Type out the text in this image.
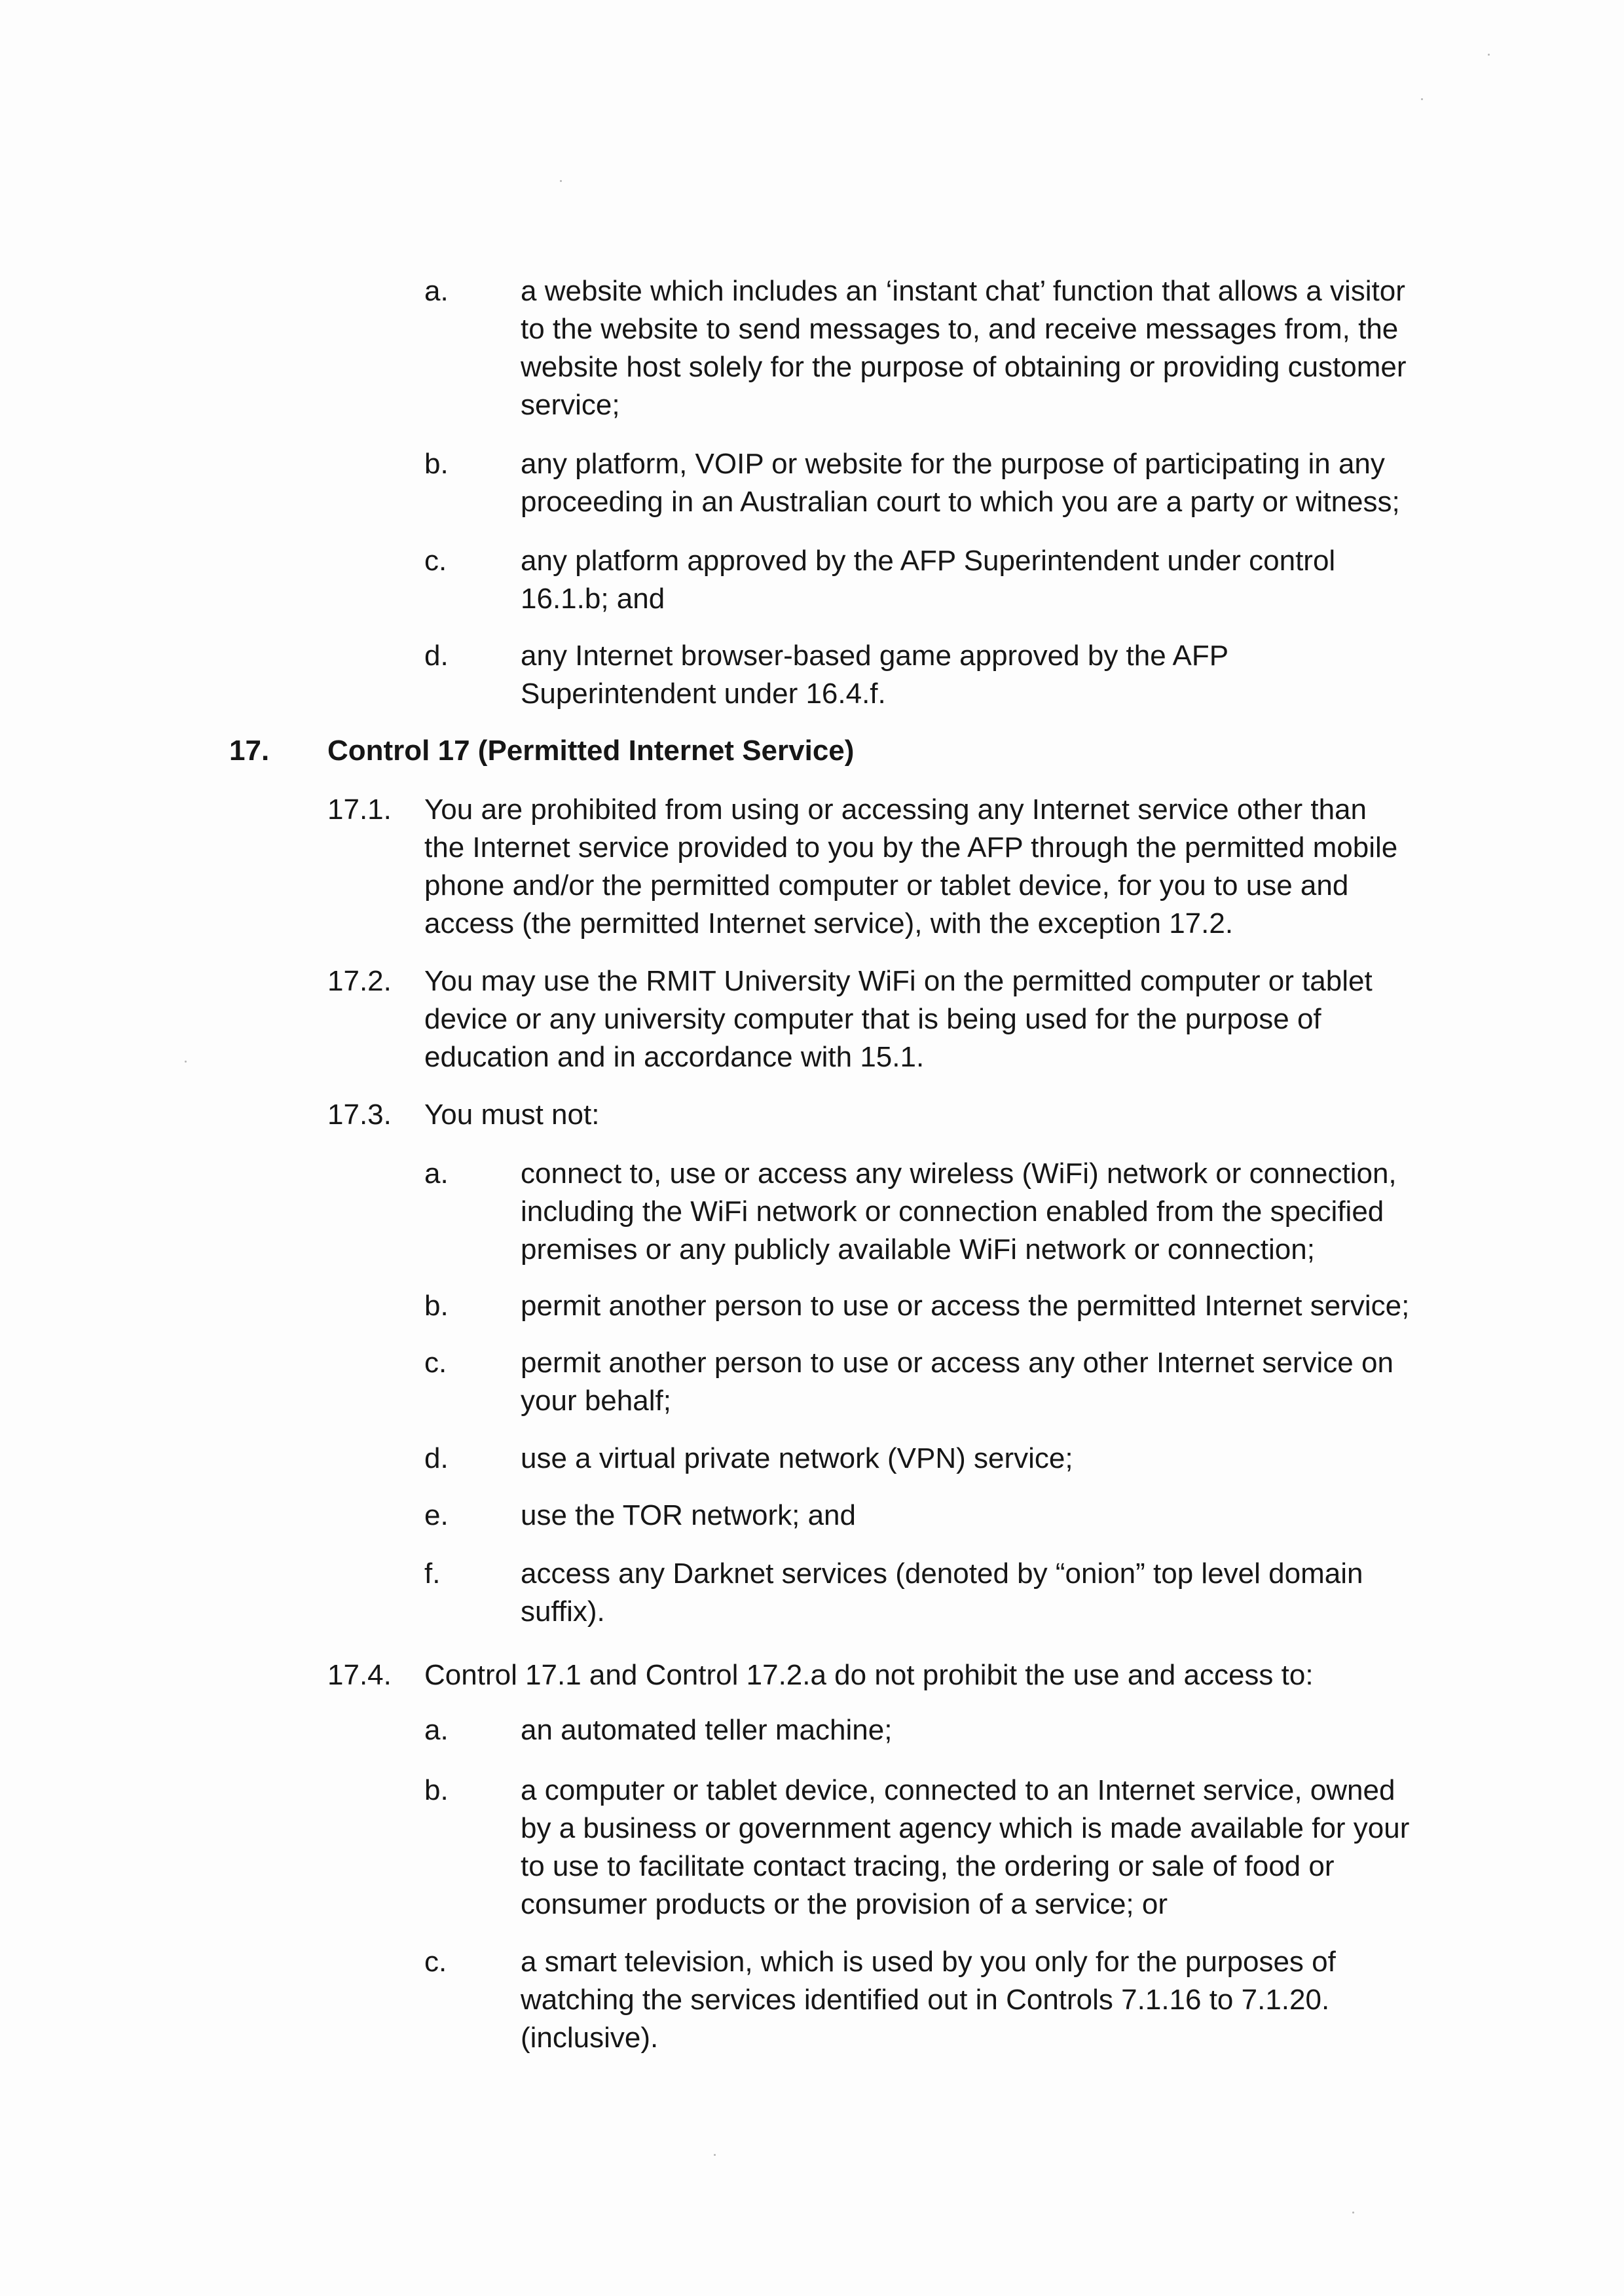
a.	a website which includes an ‘instant chat’ function that allows a visitor
to the website to send messages to, and receive messages from, the
website host solely for the purpose of obtaining or providing customer
service;
b.	any platform, VOIP or website for the purpose of participating in any
proceeding in an Australian court to which you are a party or witness;
c.	any platform approved by the AFP Superintendent under control
16.1.b; and
d.	any Internet browser-based game approved by the AFP
Superintendent under 16.4.f.
17. Control 17 (Permitted Internet Service)
17.1. You are prohibited from using or accessing any Internet service other than
the Internet service provided to you by the AFP through the permitted mobile
phone and/or the permitted computer or tablet device, for you to use and
access (the permitted Internet service), with the exception 17.2.
17.2. You may use the RMIT University WiFi on the permitted computer or tablet
device or any university computer that is being used for the purpose of
education and in accordance with 15.1.
17.3. You must not:
a.	connect to, use or access any wireless (WiFi) network or connection,
including the WiFi network or connection enabled from the specified
premises or any publicly available WiFi network or connection;
b.	permit another person to use or access the permitted Internet service;
c.	permit another person to use or access any other Internet service on
your behalf;
d.	use a virtual private network (VPN) service;
e.	use the TOR network; and
f.	access any Darknet services (denoted by “onion” top level domain
suffix).
17.4. Control 17.1 and Control 17.2.a do not prohibit the use and access to:
a.	an automated teller machine;
b.	a computer or tablet device, connected to an Internet service, owned
by a business or government agency which is made available for your
to use to facilitate contact tracing, the ordering or sale of food or
consumer products or the provision of a service; or
c.	a smart television, which is used by you only for the purposes of
watching the services identified out in Controls 7.1.16 to 7.1.20.
(inclusive).
